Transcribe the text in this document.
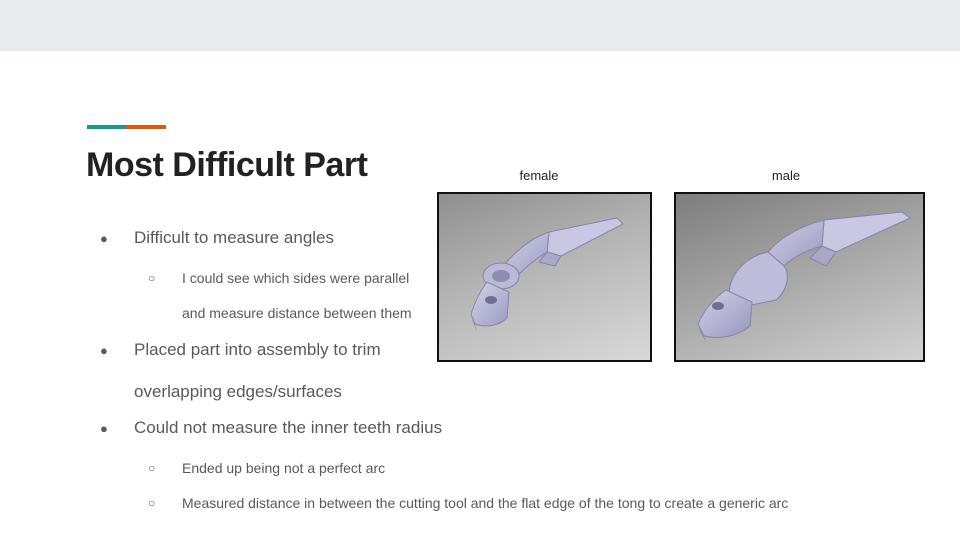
Most Difficult Part	female	male
● Difficult to measure angles
○ I could see which sides were parallel
and measure distance between them
● Placed part into assembly to trim
overlapping edges/surfaces
● Could not measure the inner teeth radius
○ Ended up being not a perfect arc
○ Measured distance in between the cutting tool and the flat edge of the tong to create a generic arc
